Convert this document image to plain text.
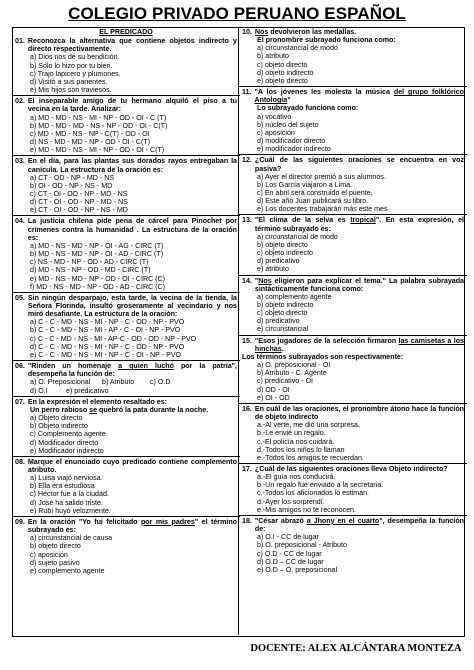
COLEGIO PRIVADO PERUANO ESPAÑOL
EL PREDICADO
01. Reconozca la alternativa que contiene objetos indirecto y directo respectivamente.
a) Dios nos dé su bendición.
b) Sólo lo hizo por tu bien.
c) Trajo lapicero y plumones.
d) Visitó a sus parientes.
e) Mis hijos son traviesos.
02. El inseparable amigo de tu hermano alquiló el piso a tu vecina en la tarde. Analizar:
a) MD - MD - NS - MI - NP - OD - OI - C (T)
b) MD - MD - MD - NS - NP - OD - OI - C(T)
c) MD - MD - NS - NP - C(T) - OD - OI
d) NS - MD - MD - NP - OD - OI - C(T)
e) MD - MD - NS - MI - NP - OD - OI - C(T)
03. En el día, para las plantas sus dorados rayos entregaban la canícula. La estructura de la oración es:
a) CT - OD - NP - MD - NS
b) OI - OD - NP - NS - MD
c) CT - OI - OD - NP - MD - NS
d) CT - OI - OD - NP - MD - NS
e) CT - OI - OD - NP - NS - MD
04. La justicia chilena pide pena de cárcel para Pinochet por crímenes contra la humanidad . La estructura de la oración es:
a) MD - NS - MD - NP - OI - AG - CIRC (T)
b) MD - NS - MD - NP - OI - AD - CIRC (T)
c) NS - MD - NP - OD - AD - CIRC (T)
d) MD - NS - NP - OD - MD - CIRC (T)
e) MD - NS - MD - NP - OD - OI - CIRC (C)
f) MD - NS - MD - NP - OD - AD - CIRC (C)
05. Sin ningún desparpajo, esta tarde, la vecina de la tienda, la Señora Florinda, insultó groseramente al vecindario y nos miró desafiante. La estructura de la oración:
a) C - C - MD - NS - MI - NP - C - OD - NP - PVO
b) C - C - MD - NS - MI - AP - C - OI - NP - PVO
c) C - C - MD - NS - MI - AP-C - OD - OD - NP - PVO
d) C - C - MD - NS - MI - NP - C - OD - NP - PVO
e) C - C - MD - NS - MI - NP - C - OI - NP - PVO
06. "Rinden un homenaje a quien luchó por la patria", desempeña la función de:
a) O. Preposicional	b) Atributo	c) O.D
d) O.I	e) predicativo
07. En la expresión el elemento resaltado es:
Un perro rabioso se quebró la pata durante la noche.
a) Objeto directo
b) Objeto indirecto
c) Complemento agente
d) Modificador directo
e) Modificador indirecto
08. Marque el enunciado cuyo predicado contiene complemento atributo.
a) Luisa viajó nerviosa.
b) Ella era estudiosa
c) Héctor fue a la ciudad.
d) José ha salido triste.
e) Rubí huyó velozmente.
09. En la oración "Yo fui felicitado por mis padres" el término subrayado es:
a) circunstancial de causa
b) objeto directo
c) aposición
d) sujeto pasivo
e) complemento agente
10. Nos devolvieron las medallas.
El pronombre subrayado funciona como:
a) circunstancial de modo
b) atributo
c) objeto directo
d) objeto indirecto
e) objeto directo
11. "A los jóvenes les molesta la música del grupo folklórico Antología"
Lo subrayado funciona como:
a) vocativo
b) núcleo del sujeto
c) aposición
d) modificador directo
e) modificador indirecto
12. ¿Cuál de las siguientes oraciones se encuentra en voz pasiva?
a) Ayer el director premió a sus alumnos.
b) Los García viajaron a Lima.
c) En abril será construido el puente.
d) Este año Juan publicará su libro.
e) Los docentes trabajarán más este mes
13. "El clima de la selva es tropical". En esta expresión, el término subrayado es:
a) circunstancial de modo
b) objeto directo
c) objeto indirecto
d) predicativo
e) atributo
14. "Nos eligieron para explicar el tema." La palabra subrayada sintácticamente funciona como:
a) complemento agente
b) objeto indirecto
c) objeto directo
d) predicativo
e) circunstancial
15. "Esos jugadores de la selección firmaron las camisetas a los hinchas.
Los términos subrayados son respectivamente:
a) O. preposicional - OI
b) Atributo - C. Agente
c) predicativo - OI
d) OD - OI
e) OI - OD
16. En cuál de las oraciones, el pronombre átono hace la función de objeto indirecto
a.-Al verte, me dió una sorpresa.
b.-Le envié un regalo.
c.-El policía nos cuidará.
d.-Todos los niños lo llaman
e.-Todos los amigos te recuerdan.
17. ¿Cuál de las siguientes oraciones lleva Objeto indirecto?
a.-El guía nos conducirá.
b.-Un regalo fue enviado a la secretaria.
c.-Todos los aficionados lo estiman.
d.-Ayer los sorprendí.
e.-Mis amigos no te reconocen.
18. "César abrazó a Jhony en el cuarto", desempeña la función de:
a) O.I - CC de lugar
b) O. preposicional - Atributo
c) O.D - CC de lugar
d) O.D – CC de lugar
e) O.D – O. preposicional
DOCENTE: ALEX ALCÁNTARA MONTEZA
